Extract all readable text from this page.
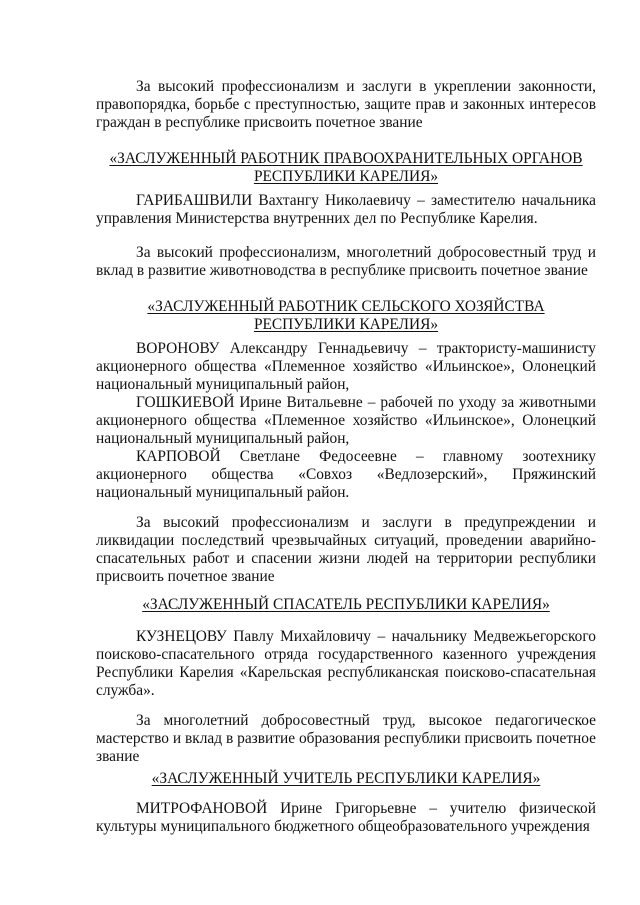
За высокий профессионализм и заслуги в укреплении законности, правопорядка, борьбе с преступностью, защите прав и законных интересов граждан в республике присвоить почетное звание
«ЗАСЛУЖЕННЫЙ РАБОТНИК ПРАВООХРАНИТЕЛЬНЫХ ОРГАНОВ
РЕСПУБЛИКИ КАРЕЛИЯ»
ГАРИБАШВИЛИ Вахтангу Николаевичу – заместителю начальника управления Министерства внутренних дел по Республике Карелия.
За высокий профессионализм, многолетний добросовестный труд и вклад в развитие животноводства в республике присвоить почетное звание
«ЗАСЛУЖЕННЫЙ РАБОТНИК СЕЛЬСКОГО ХОЗЯЙСТВА
РЕСПУБЛИКИ КАРЕЛИЯ»
ВОРОНОВУ Александру Геннадьевичу – трактористу-машинисту акционерного общества «Племенное хозяйство «Ильинское», Олонецкий национальный муниципальный район,
ГОШКИЕВОЙ Ирине Витальевне – рабочей по уходу за животными акционерного общества «Племенное хозяйство «Ильинское», Олонецкий национальный муниципальный район,
КАРПОВОЙ Светлане Федосеевне – главному зоотехнику акционерного общества «Совхоз «Ведлозерский», Пряжинский национальный муниципальный район.
За высокий профессионализм и заслуги в предупреждении и ликвидации последствий чрезвычайных ситуаций, проведении аварийно-спасательных работ и спасении жизни людей на территории республики присвоить почетное звание
«ЗАСЛУЖЕННЫЙ СПАСАТЕЛЬ РЕСПУБЛИКИ КАРЕЛИЯ»
КУЗНЕЦОВУ Павлу Михайловичу – начальнику Медвежьегорского поисково-спасательного отряда государственного казенного учреждения Республики Карелия «Карельская республиканская поисково-спасательная служба».
За многолетний добросовестный труд, высокое педагогическое мастерство и вклад в развитие образования республики присвоить почетное звание
«ЗАСЛУЖЕННЫЙ УЧИТЕЛЬ РЕСПУБЛИКИ КАРЕЛИЯ»
МИТРОФАНОВОЙ Ирине Григорьевне – учителю физической культуры муниципального бюджетного общеобразовательного учреждения
